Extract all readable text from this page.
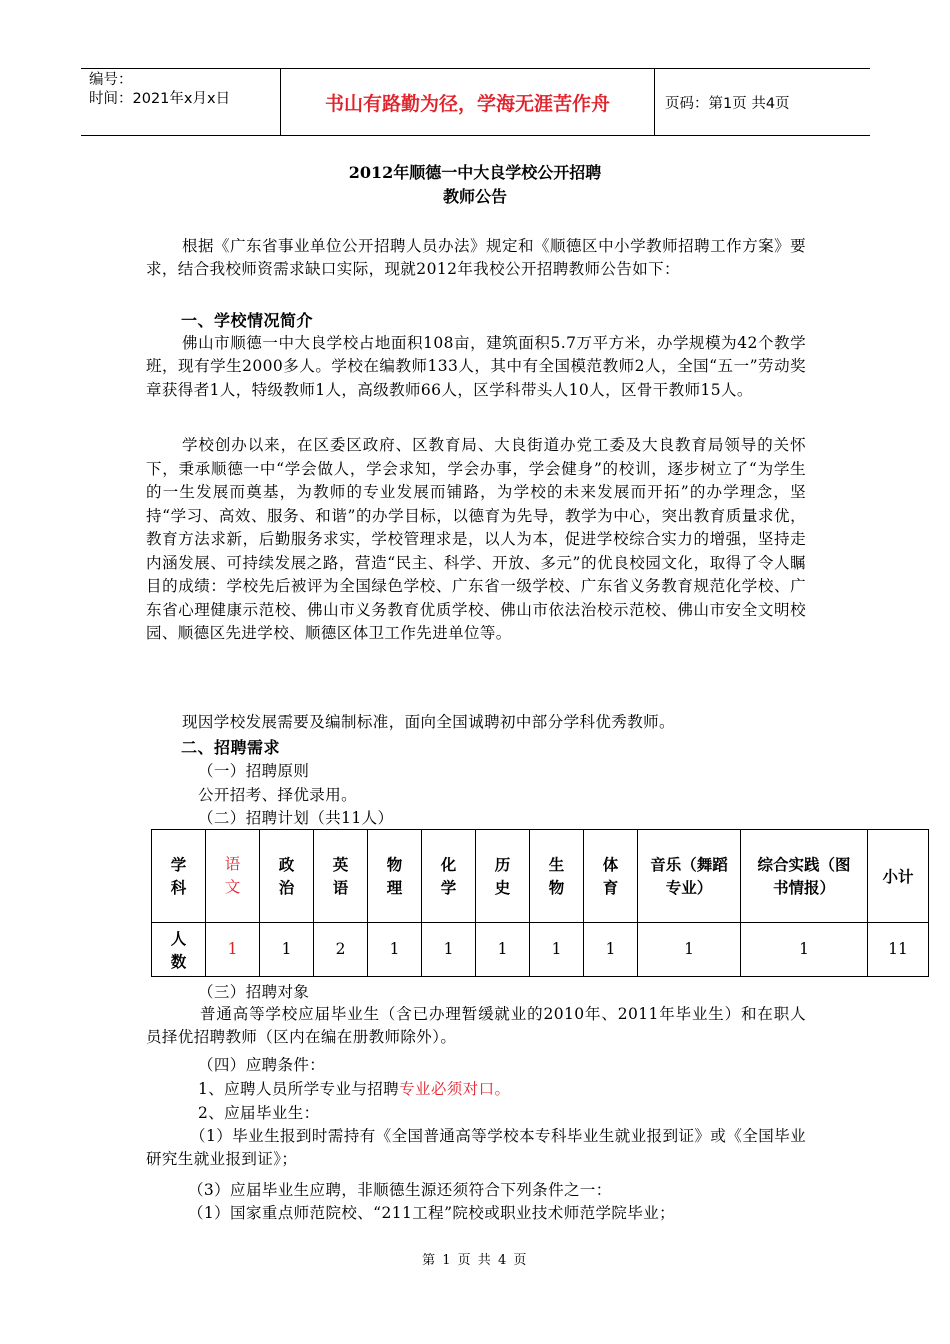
编号：
时间：2021年x月x日	书山有路勤为径，学海无涯苦作舟	页码：第1页 共4页
2012年顺德一中大良学校公开招聘
教师公告
根据《广东省事业单位公开招聘人员办法》规定和《顺德区中小学教师招聘工作方案》要求，结合我校师资需求缺口实际，现就2012年我校公开招聘教师公告如下：
一、学校情况简介
佛山市顺德一中大良学校占地面积108亩，建筑面积5.7万平方米，办学规模为42个教学班，现有学生2000多人。学校在编教师133人，其中有全国模范教师2人，全国“五一”劳动奖章获得者1人，特级教师1人，高级教师66人，区学科带头人10人，区骨干教师15人。
学校创办以来，在区委区政府、区教育局、大良街道办党工委及大良教育局领导的关怀下，秉承顺德一中“学会做人，学会求知，学会办事，学会健身”的校训，逐步树立了“为学生的一生发展而奠基，为教师的专业发展而铺路，为学校的未来发展而开拓”的办学理念，坚持“学习、高效、服务、和谐”的办学目标，以德育为先导，教学为中心，突出教育质量求优，教育方法求新，后勤服务求实，学校管理求是，以人为本，促进学校综合实力的增强，坚持走内涵发展、可持续发展之路，营造“民主、科学、开放、多元”的优良校园文化，取得了令人瞩目的成绩：学校先后被评为全国绿色学校、广东省一级学校、广东省义务教育规范化学校、广东省心理健康示范校、佛山市义务教育优质学校、佛山市依法治校示范校、佛山市安全文明校园、顺德区先进学校、顺德区体卫工作先进单位等。
现因学校发展需要及编制标准，面向全国诚聘初中部分学科优秀教师。
二、招聘需求
（一）招聘原则
公开招考、择优录用。
（二）招聘计划（共11人）
学科	语文	政治	英语	物理	化学	历史	生物	体育	音乐（舞蹈专业）	综合实践（图书情报）	小计
人数	1	1	2	1	1	1	1	1	1	1	11
（三）招聘对象
普通高等学校应届毕业生（含已办理暂缓就业的2010年、2011年毕业生）和在职人员择优招聘教师（区内在编在册教师除外）。
（四）应聘条件：
1、应聘人员所学专业与招聘专业必须对口。
2、应届毕业生：
（1）毕业生报到时需持有《全国普通高等学校本专科毕业生就业报到证》或《全国毕业研究生就业报到证》；
（3）应届毕业生应聘，非顺德生源还须符合下列条件之一：
（1）国家重点师范院校、“211工程”院校或职业技术师范学院毕业；
第 1 页 共 4 页
